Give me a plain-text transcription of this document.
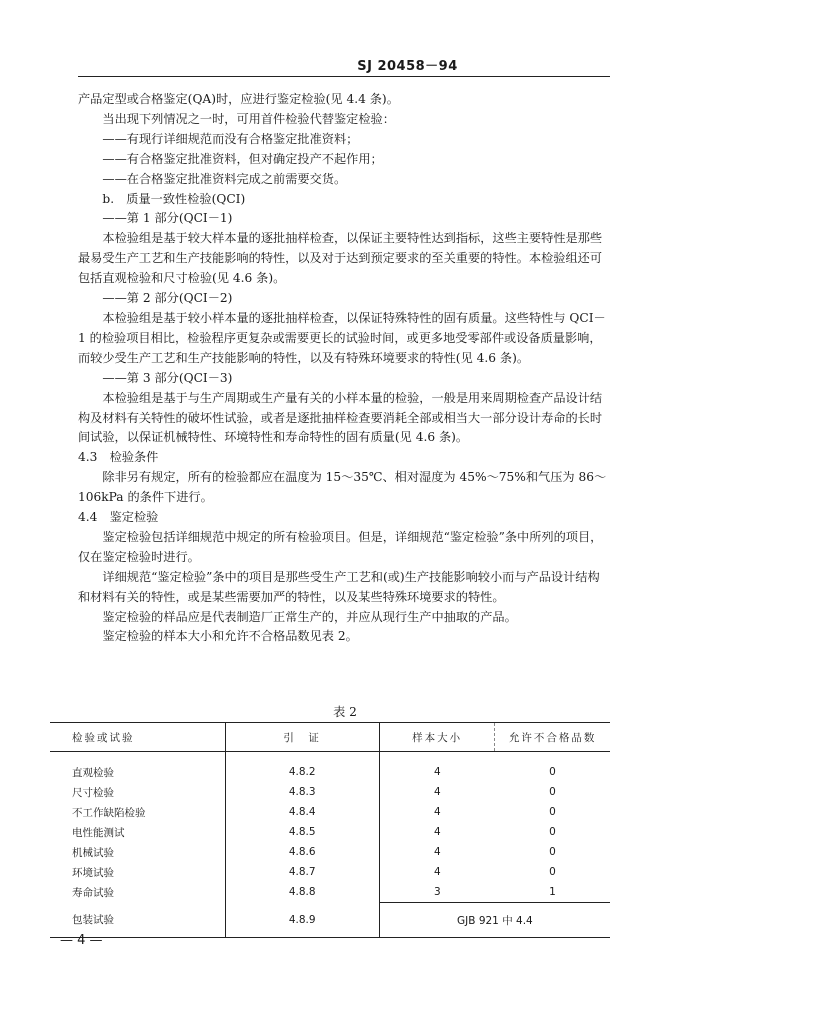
SJ 20458－94

产品定型或合格鉴定(QA)时，应进行鉴定检验(见 4.4 条)。

当出现下列情况之一时，可用首件检验代替鉴定检验：

——有现行详细规范而没有合格鉴定批准资料；

——有合格鉴定批准资料，但对确定投产不起作用；

——在合格鉴定批准资料完成之前需要交货。

b.　质量一致性检验(QCI)

——第 1 部分(QCI－1)

本检验组是基于较大样本量的逐批抽样检查，以保证主要特性达到指标，这些主要特性是那些最易受生产工艺和生产技能影响的特性，以及对于达到预定要求的至关重要的特性。本检验组还可包括直观检验和尺寸检验(见 4.6 条)。

——第 2 部分(QCI－2)

本检验组是基于较小样本量的逐批抽样检查，以保证特殊特性的固有质量。这些特性与 QCI－1 的检验项目相比，检验程序更复杂或需要更长的试验时间，或更多地受零部件或设备质量影响，而较少受生产工艺和生产技能影响的特性，以及有特殊环境要求的特性(见 4.6 条)。

——第 3 部分(QCI－3)

本检验组是基于与生产周期或生产量有关的小样本量的检验，一般是用来周期检查产品设计结构及材料有关特性的破坏性试验，或者是逐批抽样检查要消耗全部或相当大一部分设计寿命的长时间试验，以保证机械特性、环境特性和寿命特性的固有质量(见 4.6 条)。

4.3　检验条件

除非另有规定，所有的检验都应在温度为 15～35℃、相对湿度为 45%～75%和气压为 86～106kPa 的条件下进行。

4.4　鉴定检验

鉴定检验包括详细规范中规定的所有检验项目。但是，详细规范“鉴定检验”条中所列的项目，仅在鉴定检验时进行。

详细规范“鉴定检验”条中的项目是那些受生产工艺和(或)生产技能影响较小而与产品设计结构和材料有关的特性，或是某些需要加严的特性，以及某些特殊环境要求的特性。

鉴定检验的样品应是代表制造厂正常生产的，并应从现行生产中抽取的产品。

鉴定检验的样本大小和允许不合格品数见表 2。

表 2
检验或试验	引　证	样本大小	允许不合格品数
直观检验	4.8.2	4	0
尺寸检验	4.8.3	4	0
不工作缺陷检验	4.8.4	4	0
电性能测试	4.8.5	4	0
机械试验	4.8.6	4	0
环境试验	4.8.7	4	0
寿命试验	4.8.8	3	1
包装试验	4.8.9	GJB 921 中 4.4	
— 4 —
